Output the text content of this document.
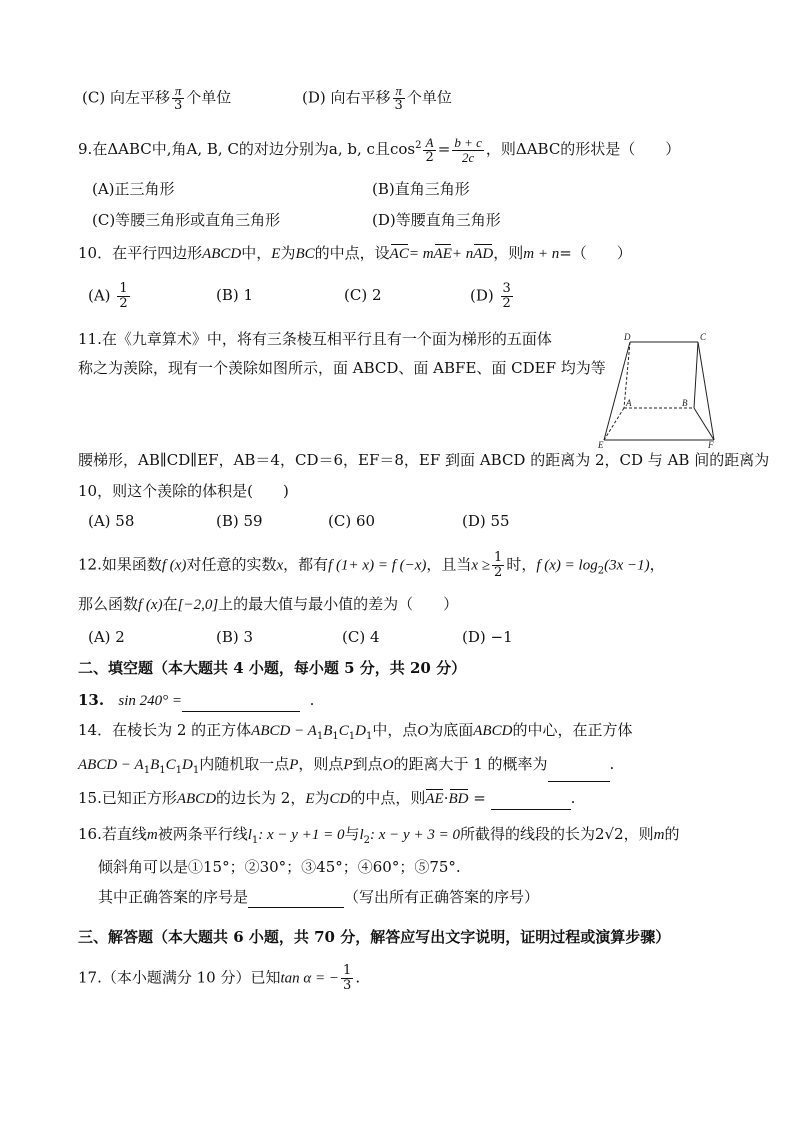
(C) 向左平移 $\frac{\pi}{3}$ 个单位	(D) 向右平移 $\frac{\pi}{3}$ 个单位
9.在ΔABC中,角A, B, C的对边分别为a, b, c且$\cos^2 \frac{A}{2} = \frac{b + c}{2c}$ ，则ΔABC的形状是（　　）
(A)正三角形	(B)直角三角形
(C)等腰三角形或直角三角形	(D)等腰直角三角形
10．在平行四边形ABCD中，E为BC的中点，设AC= mAE+ nAD，则m + n=（　　）
$(A) \frac{1}{2}$	(B) 1	(C) 2	$(D) \frac{3}{2}$
11.在《九章算术》中，将有三条棱互相平行且有一个面为梯形的五面体
称之为羡除，现有一个羡除如图所示，面 ABCD、面 ABFE、面 CDEF 均为等
D	C
A	B
E	F
腰梯形，AB∥CD∥EF，AB＝4，CD＝6，EF＝8，EF 到面 ABCD 的距离为 2，CD 与 AB 间的距离为
10，则这个羡除的体积是(　　)
(A) 58	(B) 59	(C) 60	(D) 55
12.如果函数f (x)对任意的实数x，都有f (1+ x) = f (−x)，且当$x \ge \frac{1}{2}$ 时，f $(x) = \log_2(3x -1)$，
那么函数f (x)在[−2,0]上的最大值与最小值的差为（　　）
(A) 2	(B) 3	(C) 4	(D) −1
二、填空题（本大题共 4 小题，每小题 5 分，共 20 分）
13. sin 240° =	.
14．在棱长为 2 的正方体ABCD − $A_1B_1C_1D_1$中，点O为底面ABCD的中心，在正方体
ABCD − $A_1B_1C_1D_1$内随机取一点P，则点P到点O的距离大于 1 的概率为	.
15.已知正方形ABCD的边长为 2，E为CD的中点，则AE·BD =	.
16.若直线m被两条平行线$l_1$: x − y +1 = 0与$l_2$: x − y + 3 = 0所截得的线段的长为2√2，则m的
倾斜角可以是①15°；②30°；③45°；④60°；⑤75°.
其中正确答案的序号是	（写出所有正确答案的序号）
三、解答题（本大题共 6 小题，共 70 分，解答应写出文字说明，证明过程或演算步骤）
17.（本小题满分 10 分）已知tan α = − $\frac{1}{3}$ .
